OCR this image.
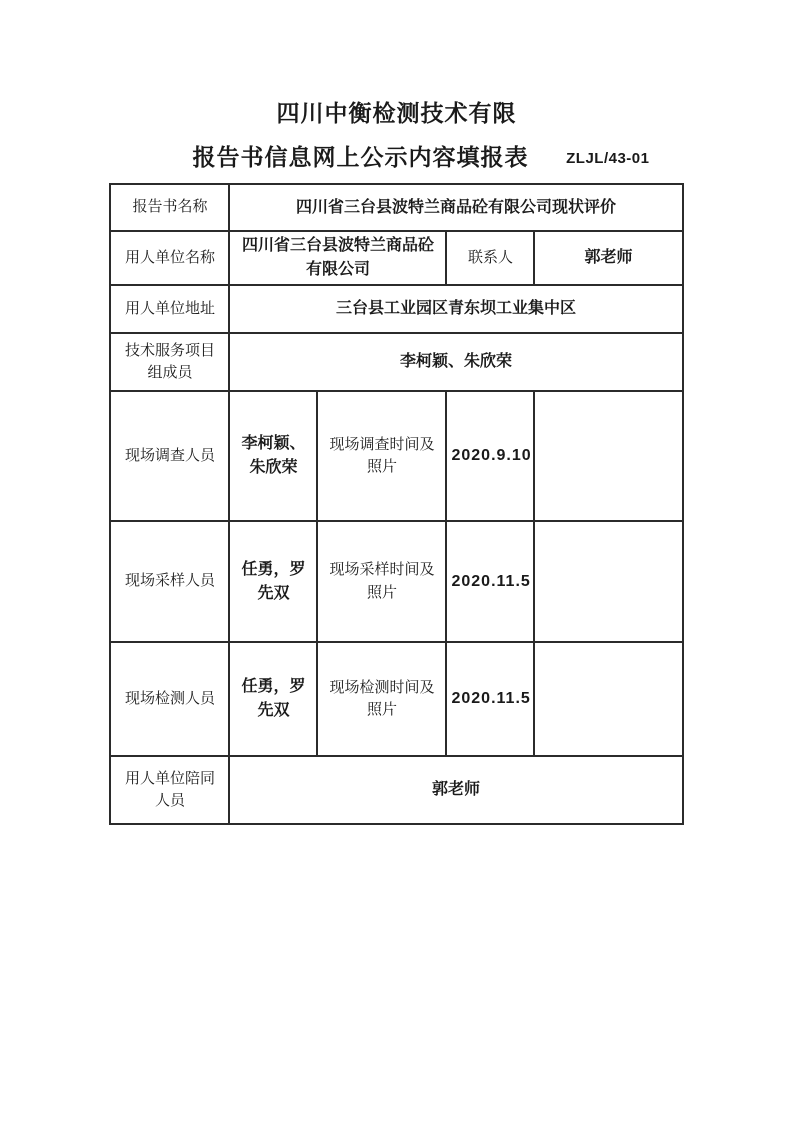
四川中衡检测技术有限
报告书信息网上公示内容填报表	ZLJL/43-01
报告书名称	四川省三台县波特兰商品砼有限公司现状评价			
用人单位名称	四川省三台县波特兰商品砼有限公司		联系人	郭老师
用人单位地址	三台县工业园区青东坝工业集中区			
技术服务项目组成员	李柯颖、朱欣荣			
现场调查人员	李柯颖、朱欣荣	现场调查时间及照片	2020.9.10	
现场采样人员	任勇，罗先双	现场采样时间及照片	2020.11.5	
现场检测人员	任勇，罗先双	现场检测时间及照片	2020.11.5	
用人单位陪同人员	郭老师			
